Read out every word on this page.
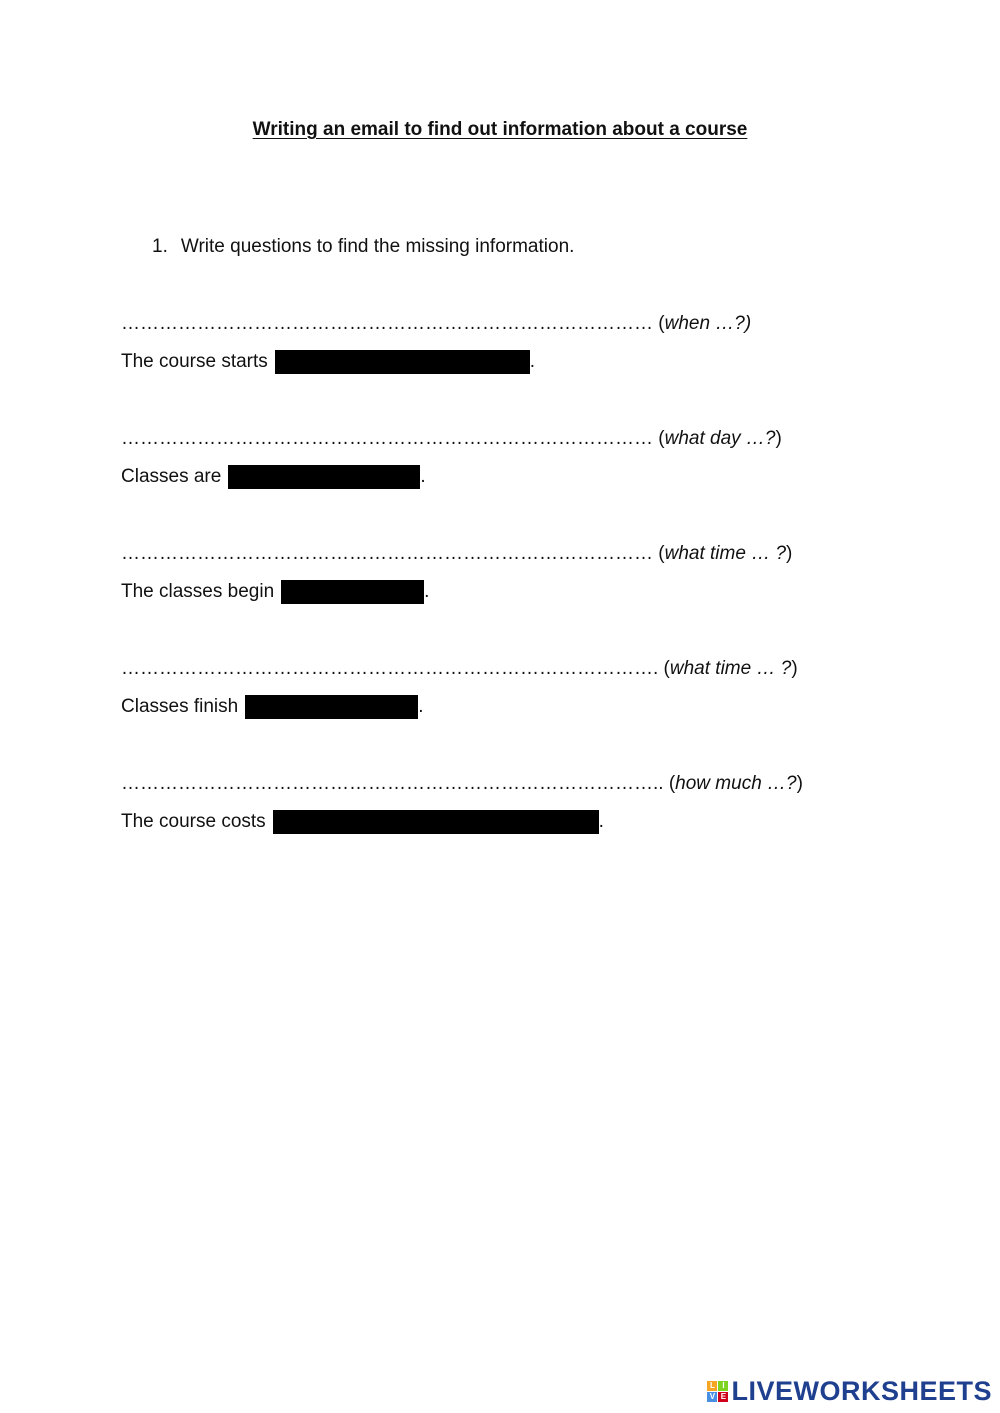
Writing an email to find out information about a course
1. Write questions to find the missing information.
………………………………………………………………………… (when …?)
The course starts	.
………………………………………………………………………… (what day …?)
Classes are	.
………………………………………………………………………… (what time … ?)
The classes begin	.
…………………………………………………………………………. (what time … ?)
Classes finish	.
………………………………………………………………………….. (how much …?)
The course costs	.
L I
V E LIVEWORKSHEETS
